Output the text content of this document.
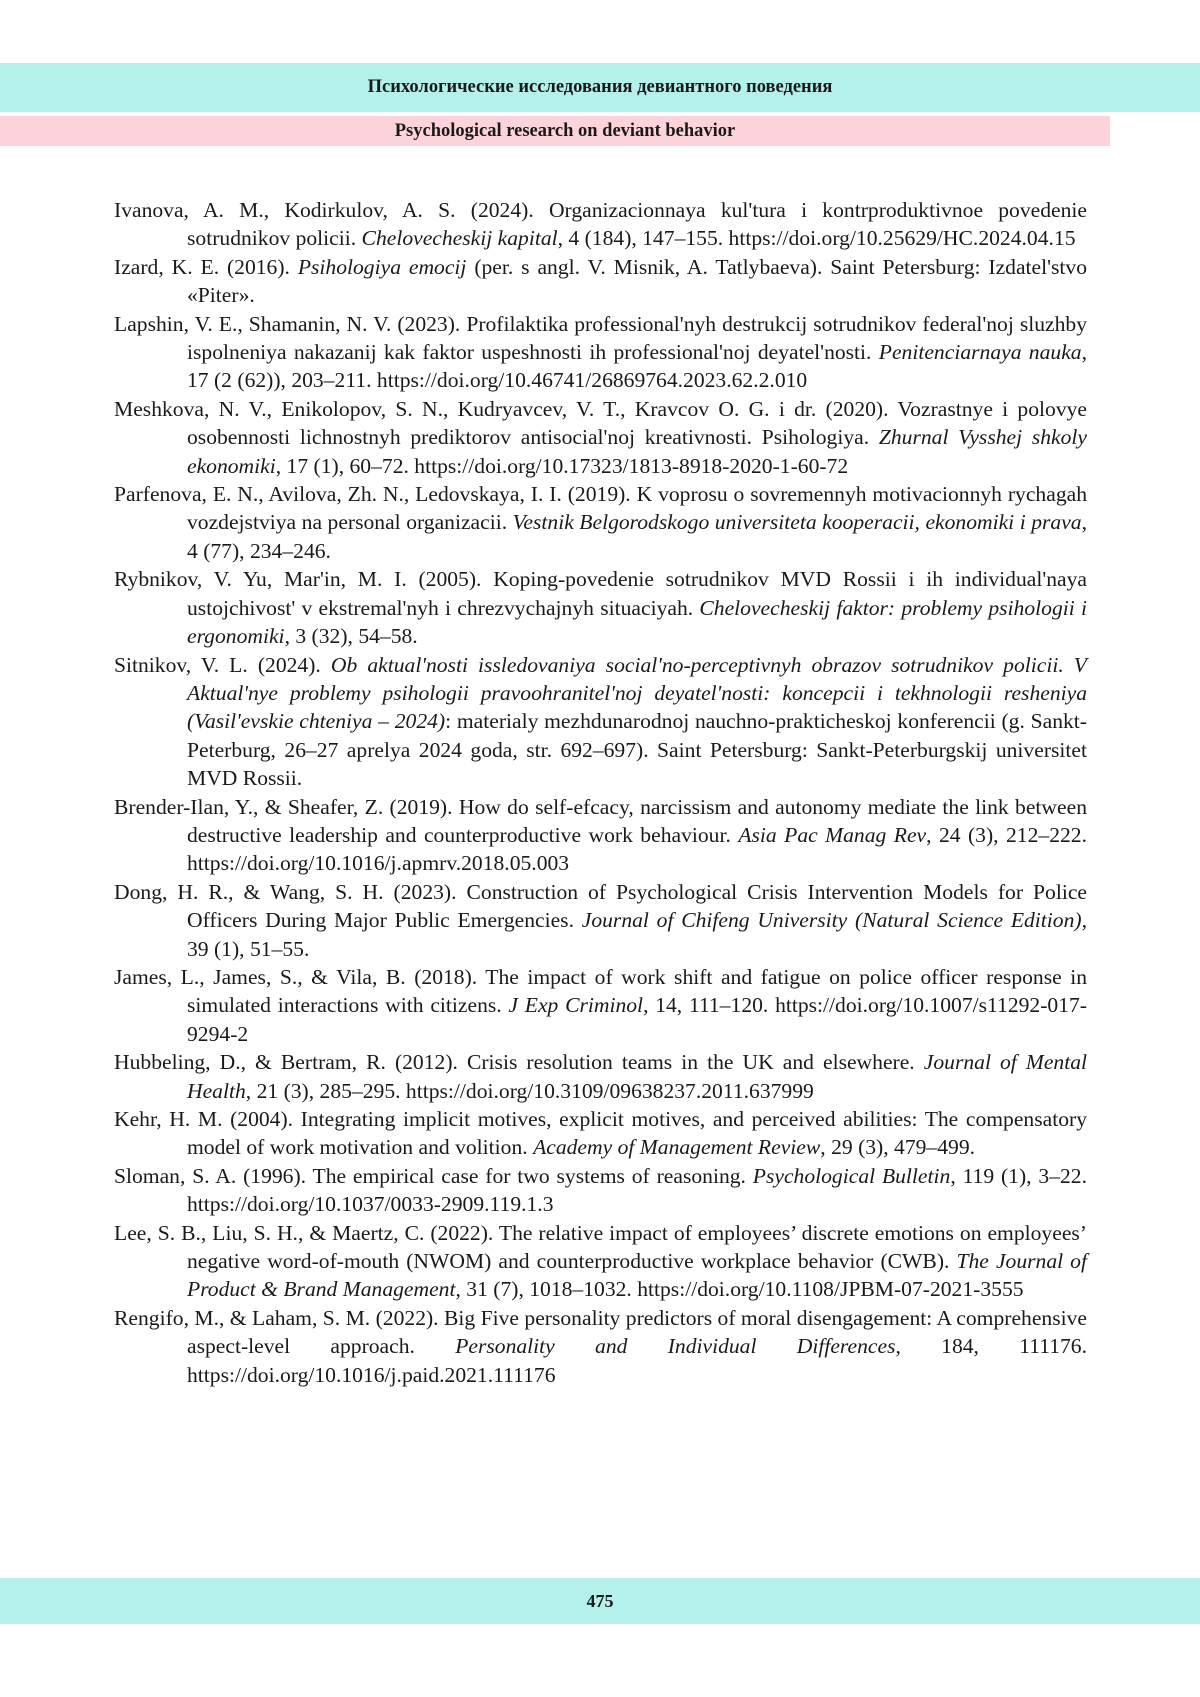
Психологические исследования девиантного поведения
Psychological research on deviant behavior

Ivanova, A. M., Kodirkulov, A. S. (2024). Organizacionnaya kul'tura i kontrproduktivnoe povedenie sotrudnikov policii. Chelovecheskij kapital, 4 (184), 147–155. https://doi.org/10.25629/HC.2024.04.15

Izard, K. E. (2016). Psihologiya emocij (per. s angl. V. Misnik, A. Tatlybaeva). Saint Petersburg: Izdatel'stvo «Piter».

Lapshin, V. E., Shamanin, N. V. (2023). Profilaktika professional'nyh destrukcij sotrudnikov federal'noj sluzhby ispolneniya nakazanij kak faktor uspeshnosti ih professional'noj deyatel'nosti. Penitenciarnaya nauka, 17 (2 (62)), 203–211. https://doi.org/10.46741/26869764.2023.62.2.010

Meshkova, N. V., Enikolopov, S. N., Kudryavcev, V. T., Kravcov O. G. i dr. (2020). Vozrastnye i polovye osobennosti lichnostnyh prediktorov antisocial'noj kreativnosti. Psihologiya. Zhurnal Vysshej shkoly ekonomiki, 17 (1), 60–72. https://doi.org/10.17323/1813-8918-2020-1-60-72

Parfenova, E. N., Avilova, Zh. N., Ledovskaya, I. I. (2019). K voprosu o sovremennyh motivacionnyh rychagah vozdejstviya na personal organizacii. Vestnik Belgorodskogo universiteta kooperacii, ekonomiki i prava, 4 (77), 234–246.

Rybnikov, V. Yu, Mar'in, M. I. (2005). Koping-povedenie sotrudnikov MVD Rossii i ih individual'naya ustojchivost' v ekstremal'nyh i chrezvychajnyh situaciyah. Chelovecheskij faktor: problemy psihologii i ergonomiki, 3 (32), 54–58.

Sitnikov, V. L. (2024). Ob aktual'nosti issledovaniya social'no-perceptivnyh obrazov sotrudnikov policii. V Aktual'nye problemy psihologii pravoohranitel'noj deyatel'nosti: koncepcii i tekhnologii resheniya (Vasil'evskie chteniya – 2024): materialy mezhdunarodnoj nauchno-prakticheskoj konferencii (g. Sankt-Peterburg, 26–27 aprelya 2024 goda, str. 692–697). Saint Petersburg: Sankt-Peterburgskij universitet MVD Rossii.

Brender-Ilan, Y., & Sheafer, Z. (2019). How do self-efcacy, narcissism and autonomy mediate the link between destructive leadership and counterproductive work behaviour. Asia Pac Manag Rev, 24 (3), 212–222. https://doi.org/10.1016/j.apmrv.2018.05.003

Dong, H. R., & Wang, S. H. (2023). Construction of Psychological Crisis Intervention Models for Police Officers During Major Public Emergencies. Journal of Chifeng University (Natural Science Edition), 39 (1), 51–55.

James, L., James, S., & Vila, B. (2018). The impact of work shift and fatigue on police officer response in simulated interactions with citizens. J Exp Criminol, 14, 111–120. https://doi.org/10.1007/s11292-017-9294-2

Hubbeling, D., & Bertram, R. (2012). Crisis resolution teams in the UK and elsewhere. Journal of Mental Health, 21 (3), 285–295. https://doi.org/10.3109/09638237.2011.637999

Kehr, H. M. (2004). Integrating implicit motives, explicit motives, and perceived abilities: The compensatory model of work motivation and volition. Academy of Management Review, 29 (3), 479–499.

Sloman, S. A. (1996). The empirical case for two systems of reasoning. Psychological Bulletin, 119 (1), 3–22. https://doi.org/10.1037/0033-2909.119.1.3

Lee, S. B., Liu, S. H., & Maertz, C. (2022). The relative impact of employees’ discrete emotions on employees’ negative word-of-mouth (NWOM) and counterproductive workplace behavior (CWB). The Journal of Product & Brand Management, 31 (7), 1018–1032. https://doi.org/10.1108/JPBM-07-2021-3555

Rengifo, M., & Laham, S. M. (2022). Big Five personality predictors of moral disengagement: A comprehensive aspect-level approach. Personality and Individual Differences, 184, 111176. https://doi.org/10.1016/j.paid.2021.111176

475
